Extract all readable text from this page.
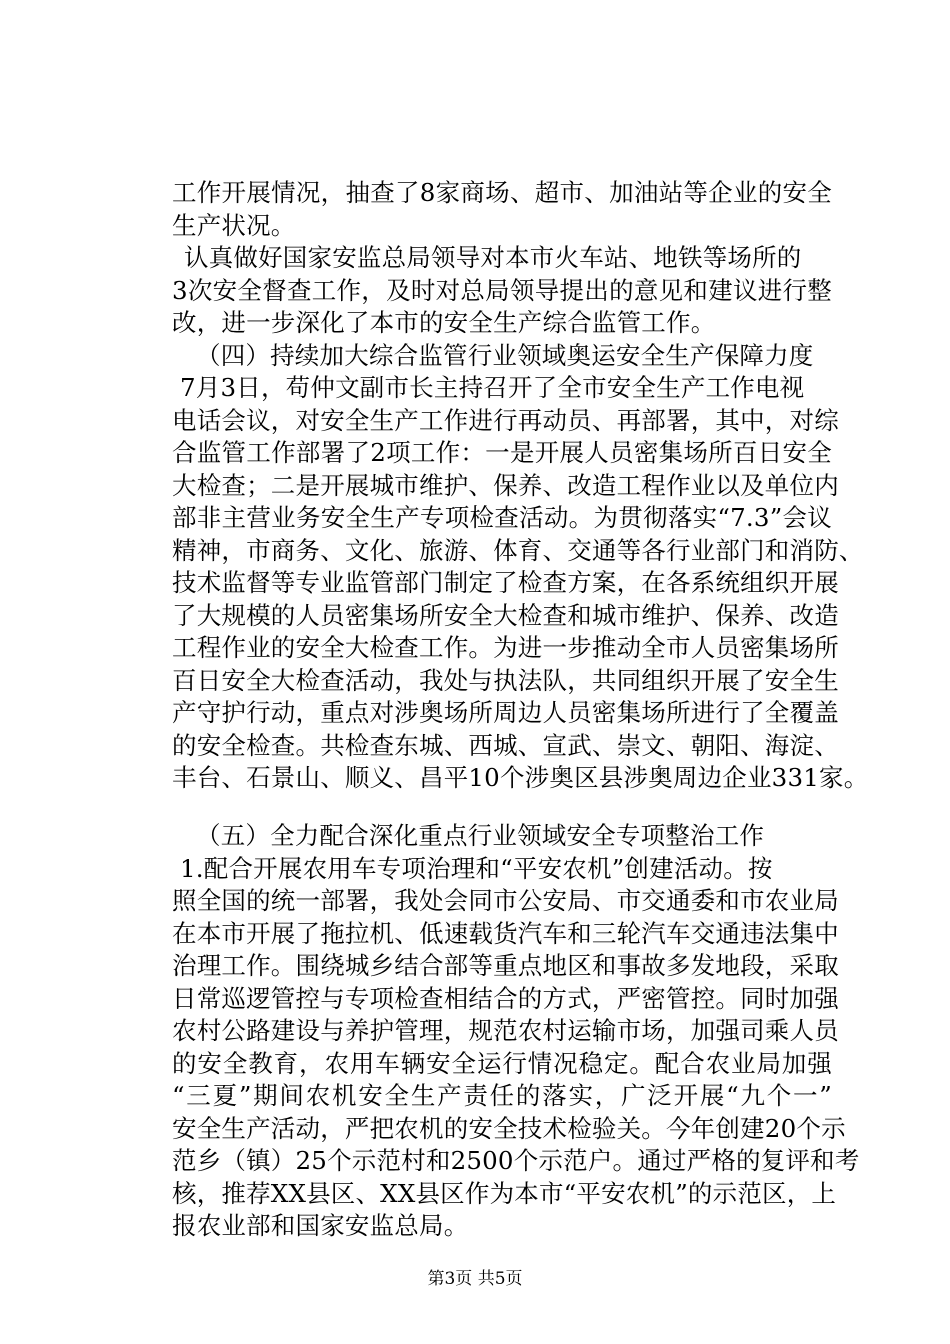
工作开展情况，抽查了8家商场、超市、加油站等企业的安全
生产状况。
认真做好国家安监总局领导对本市火车站、地铁等场所的
3次安全督查工作，及时对总局领导提出的意见和建议进行整
改，进一步深化了本市的安全生产综合监管工作。
（四）持续加大综合监管行业领域奥运安全生产保障力度
7月3日，苟仲文副市长主持召开了全市安全生产工作电视
电话会议，对安全生产工作进行再动员、再部署，其中，对综
合监管工作部署了2项工作：一是开展人员密集场所百日安全
大检查；二是开展城市维护、保养、改造工程作业以及单位内
部非主营业务安全生产专项检查活动。为贯彻落实“7.3”会议
精神，市商务、文化、旅游、体育、交通等各行业部门和消防、
技术监督等专业监管部门制定了检查方案，在各系统组织开展
了大规模的人员密集场所安全大检查和城市维护、保养、改造
工程作业的安全大检查工作。为进一步推动全市人员密集场所
百日安全大检查活动，我处与执法队，共同组织开展了安全生
产守护行动，重点对涉奥场所周边人员密集场所进行了全覆盖
的安全检查。共检查东城、西城、宣武、崇文、朝阳、海淀、
丰台、石景山、顺义、昌平10个涉奥区县涉奥周边企业331家。
（五）全力配合深化重点行业领域安全专项整治工作
1.配合开展农用车专项治理和“平安农机”创建活动。按
照全国的统一部署，我处会同市公安局、市交通委和市农业局
在本市开展了拖拉机、低速载货汽车和三轮汽车交通违法集中
治理工作。围绕城乡结合部等重点地区和事故多发地段，采取
日常巡逻管控与专项检查相结合的方式，严密管控。同时加强
农村公路建设与养护管理，规范农村运输市场，加强司乘人员
的安全教育，农用车辆安全运行情况稳定。配合农业局加强
“三夏”期间农机安全生产责任的落实，广泛开展“九个一”
安全生产活动，严把农机的安全技术检验关。今年创建20个示
范乡（镇）25个示范村和2500个示范户。通过严格的复评和考
核，推荐XX县区、XX县区作为本市“平安农机”的示范区，上
报农业部和国家安监总局。
第3页 共5页
